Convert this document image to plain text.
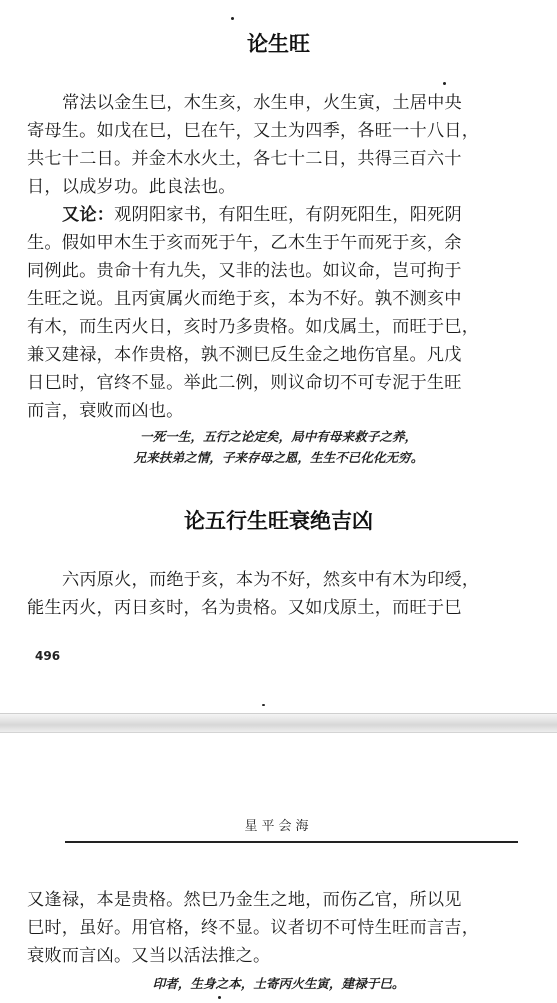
论生旺
常法以金生巳，木生亥，水生申，火生寅，土居中央
寄母生。如戊在巳，巳在午，又土为四季，各旺一十八日，
共七十二日。并金木水火土，各七十二日，共得三百六十
日，以成岁功。此良法也。
又论：观阴阳家书，有阳生旺，有阴死阳生，阳死阴
生。假如甲木生于亥而死于午，乙木生于午而死于亥，余
同例此。贵命十有九失，又非的法也。如议命，岂可拘于
生旺之说。且丙寅属火而绝于亥，本为不好。孰不测亥中
有木，而生丙火日，亥时乃多贵格。如戊属土，而旺于巳，
兼又建禄，本作贵格，孰不测巳反生金之地伤官星。凡戊
日巳时，官终不显。举此二例，则议命切不可专泥于生旺
而言，衰败而凶也。
一死一生，五行之论定矣，局中有母来救子之养，
兄来扶弟之情，子来存母之恩，生生不已化化无穷。
论五行生旺衰绝吉凶
六丙原火，而绝于亥，本为不好，然亥中有木为印绶，
能生丙火，丙日亥时，名为贵格。又如戊原土，而旺于巳
496
星平会海
又逢禄，本是贵格。然巳乃金生之地，而伤乙官，所以见
巳时，虽好。用官格，终不显。议者切不可恃生旺而言吉，
衰败而言凶。又当以活法推之。
印者，生身之本，土寄丙火生寅，建禄于巳。
